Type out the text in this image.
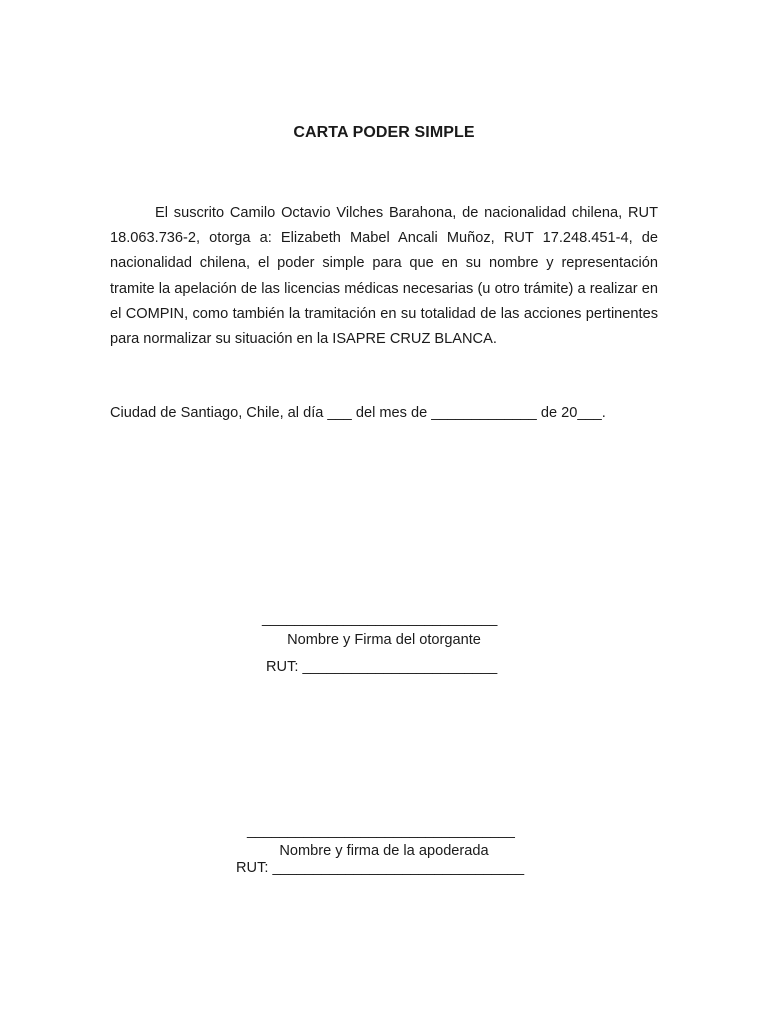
CARTA PODER SIMPLE

El suscrito Camilo Octavio Vilches Barahona, de nacionalidad chilena, RUT 18.063.736-2, otorga a: Elizabeth Mabel Ancali Muñoz, RUT 17.248.451-4, de nacionalidad chilena, el poder simple para que en su nombre y representación tramite la apelación de las licencias médicas necesarias (u otro trámite) a realizar en el COMPIN, como también la tramitación en su totalidad de las acciones pertinentes para normalizar su situación en la ISAPRE CRUZ BLANCA.

Ciudad de Santiago, Chile, al día ___ del mes de _____________ de 20___.

_____________________________
Nombre y Firma del otorgante
RUT: ________________________
_________________________________
Nombre y firma de la apoderada
RUT: _______________________________
